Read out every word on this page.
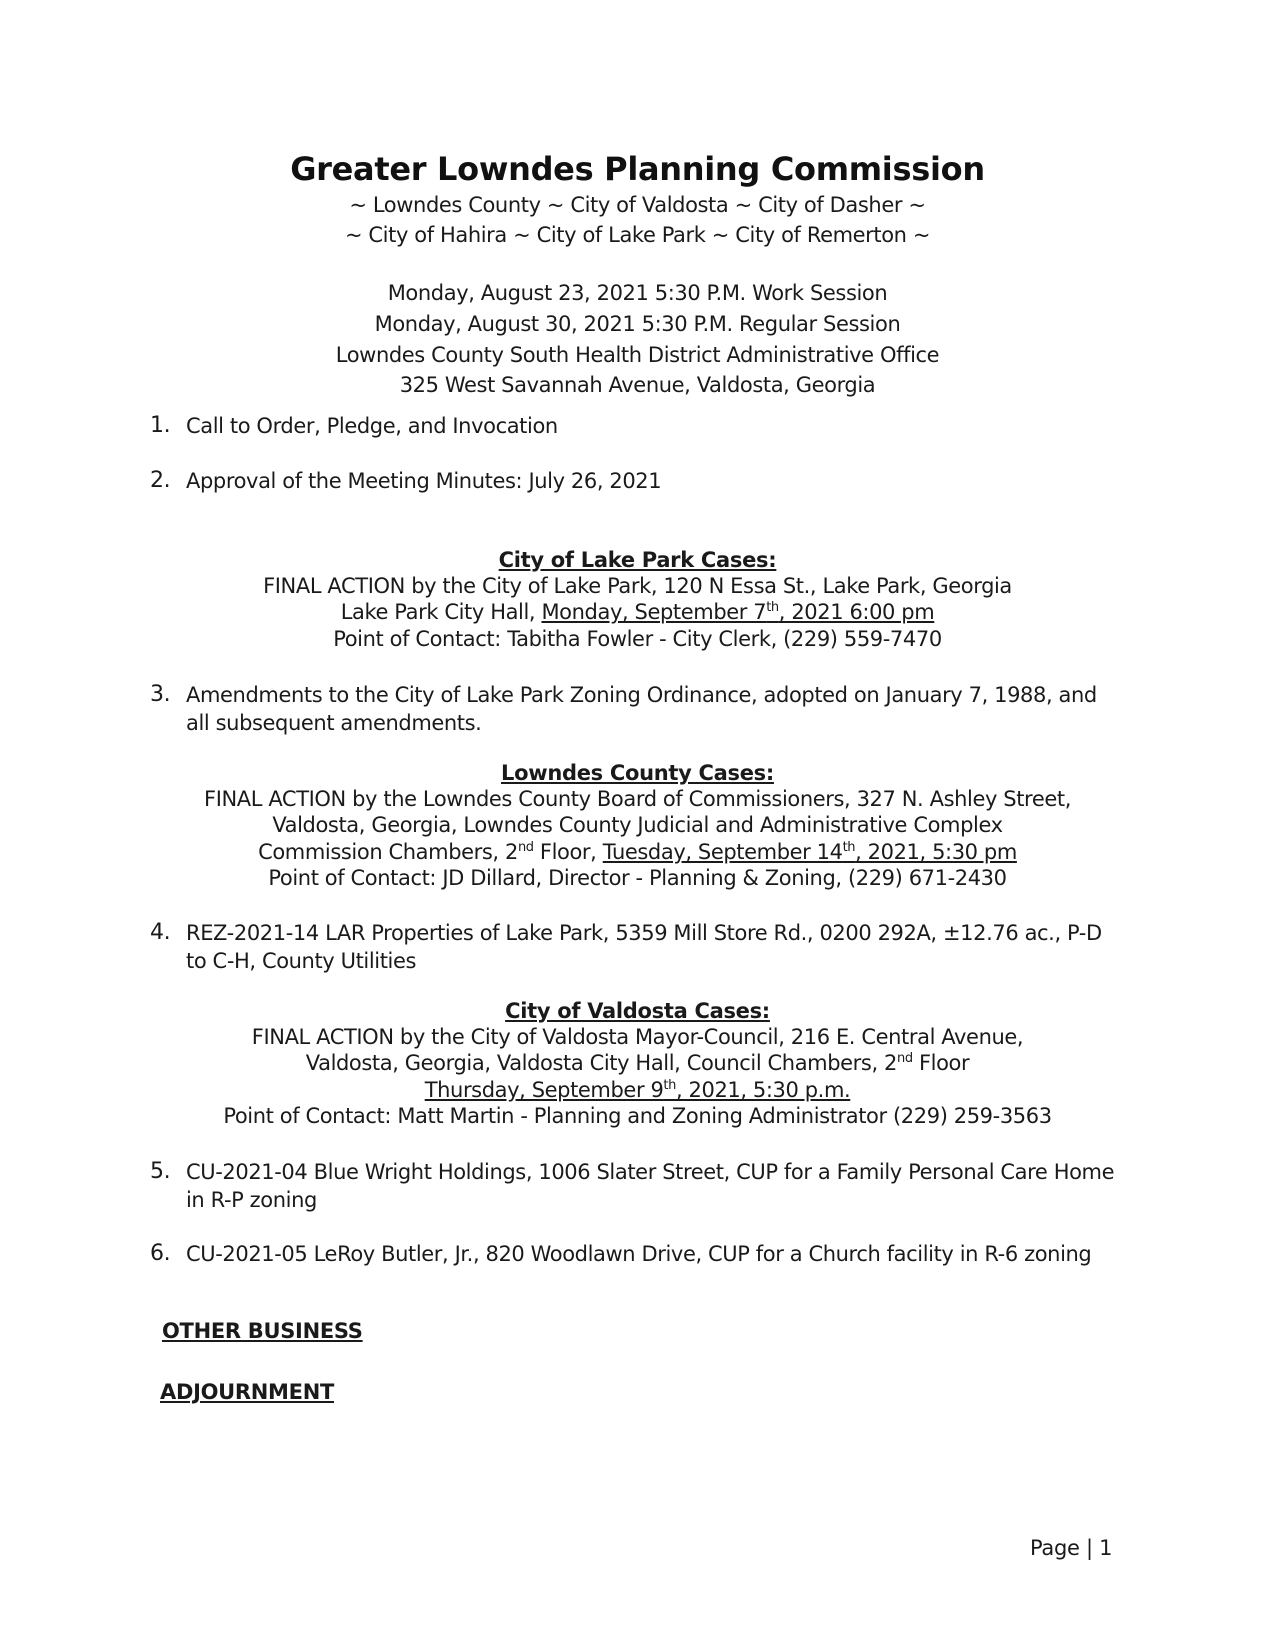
Greater Lowndes Planning Commission
~ Lowndes County ~ City of Valdosta ~ City of Dasher ~
~ City of Hahira ~ City of Lake Park ~ City of Remerton ~
Monday, August 23, 2021 5:30 P.M. Work Session
Monday, August 30, 2021 5:30 P.M. Regular Session
Lowndes County South Health District Administrative Office
325 West Savannah Avenue, Valdosta, Georgia
1. Call to Order, Pledge, and Invocation
2. Approval of the Meeting Minutes: July 26, 2021
City of Lake Park Cases:
FINAL ACTION by the City of Lake Park, 120 N Essa St., Lake Park, Georgia
Lake Park City Hall, Monday, September 7th, 2021 6:00 pm
Point of Contact: Tabitha Fowler - City Clerk, (229) 559-7470
3. Amendments to the City of Lake Park Zoning Ordinance, adopted on January 7, 1988, and
all subsequent amendments.
Lowndes County Cases:
FINAL ACTION by the Lowndes County Board of Commissioners, 327 N. Ashley Street,
Valdosta, Georgia, Lowndes County Judicial and Administrative Complex
Commission Chambers, 2nd Floor, Tuesday, September 14th, 2021, 5:30 pm
Point of Contact: JD Dillard, Director - Planning & Zoning, (229) 671-2430
4. REZ-2021-14 LAR Properties of Lake Park, 5359 Mill Store Rd., 0200 292A, ±12.76 ac., P-D
to C-H, County Utilities
City of Valdosta Cases:
FINAL ACTION by the City of Valdosta Mayor-Council, 216 E. Central Avenue,
Valdosta, Georgia, Valdosta City Hall, Council Chambers, 2nd Floor
Thursday, September 9th, 2021, 5:30 p.m.
Point of Contact: Matt Martin - Planning and Zoning Administrator (229) 259-3563
5. CU-2021-04 Blue Wright Holdings, 1006 Slater Street, CUP for a Family Personal Care Home
in R-P zoning
6. CU-2021-05 LeRoy Butler, Jr., 820 Woodlawn Drive, CUP for a Church facility in R-6 zoning
OTHER BUSINESS
ADJOURNMENT
Page | 1
